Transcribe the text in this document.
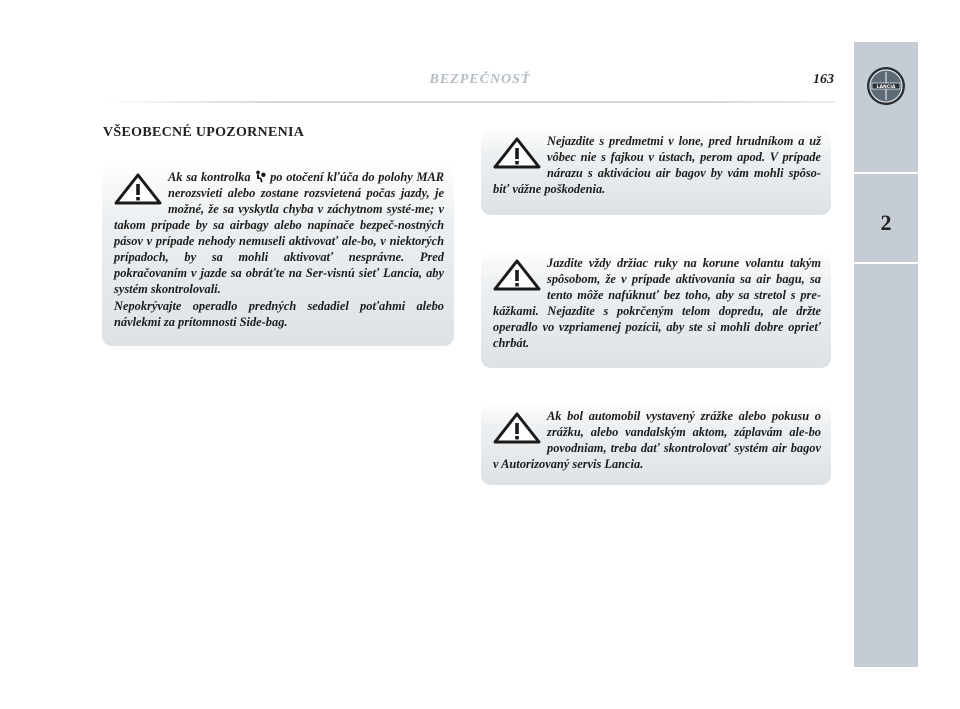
BEZPEČNOSŤ	163
LANCIA
2
VŠEOBECNÉ UPOZORNENIA

Ak sa kontrolka po otočení kľúča do polohy MAR nerozsvieti alebo zostane rozsvietená počas jazdy, je možné, že sa vyskytla chyba v záchytnom systé-me; v takom prípade by sa airbagy alebo napínače bezpeč-nostných pásov v prípade nehody nemuseli aktivovať ale-bo, v niektorých prípadoch, by sa mohli aktivovať nesprávne. Pred pokračovaním v jazde sa obráťte na Ser-visnú sieť Lancia, aby systém skontrolovali.

Nepokrývajte operadlo predných sedadiel poťahmi alebo návlekmi za prítomnosti Side-bag.

Nejazdite s predmetmi v lone, pred hrudníkom a už vôbec nie s fajkou v ústach, perom apod. V prípade nárazu s aktiváciou air bagov by vám mohli spôso-biť vážne poškodenia.

Jazdite vždy držiac ruky na korune volantu takým spôsobom, že v prípade aktivovania sa air bagu, sa tento môže nafúknuť bez toho, aby sa stretol s pre-kážkami. Nejazdite s pokrčeným telom dopredu, ale držte operadlo vo vzpriamenej pozícii, aby ste si mohli dobre oprieť chrbát.

Ak bol automobil vystavený zrážke alebo pokusu o zrážku, alebo vandalským aktom, záplavám ale-bo povodniam, treba dať skontrolovať systém air bagov v Autorizovaný servis Lancia.
